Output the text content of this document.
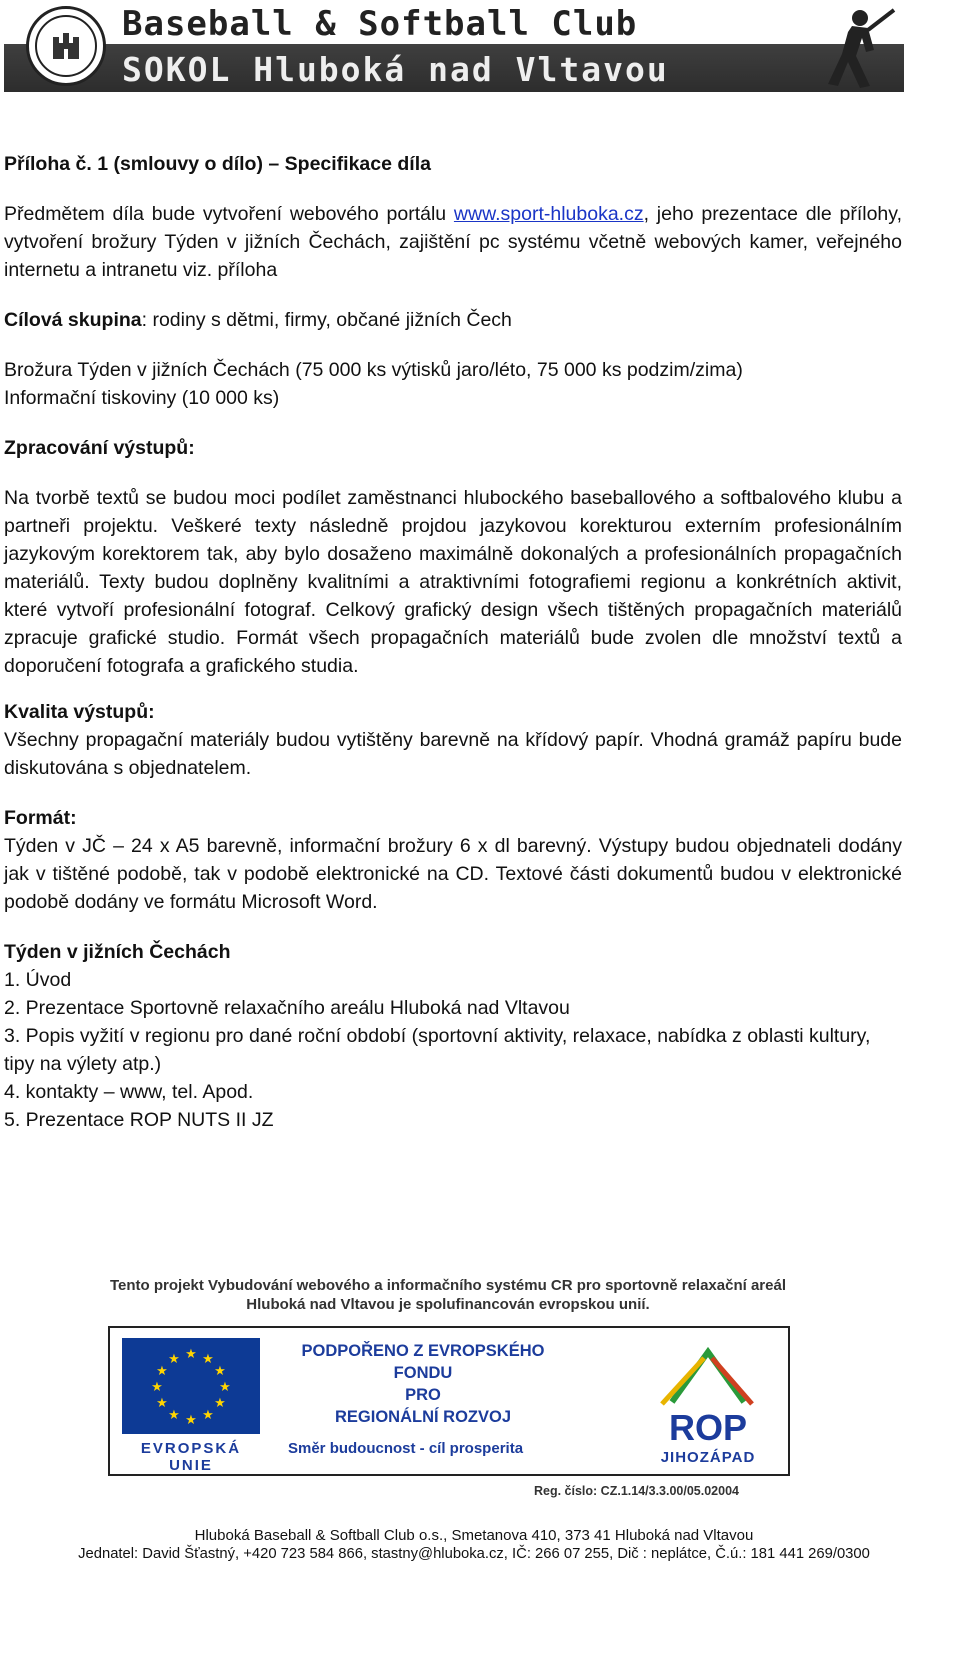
Baseball & Softball Club
SOKOL Hluboká nad Vltavou

Příloha č. 1 (smlouvy o dílo) – Specifikace díla

Předmětem díla bude vytvoření webového portálu www.sport-hluboka.cz, jeho prezentace dle přílohy, vytvoření brožury Týden v jižních Čechách, zajištění pc systému včetně webových kamer, veřejného internetu a intranetu viz. příloha

Cílová skupina: rodiny s dětmi, firmy, občané jižních Čech

Brožura Týden v jižních Čechách (75 000 ks výtisků jaro/léto, 75 000 ks podzim/zima)

Informační tiskoviny (10 000 ks)

Zpracování výstupů:

Na tvorbě textů se budou moci podílet zaměstnanci hlubockého baseballového a softbalového klubu a partneři projektu. Veškeré texty následně projdou jazykovou korekturou externím profesionálním jazykovým korektorem tak, aby bylo dosaženo maximálně dokonalých a profesionálních propagačních materiálů. Texty budou doplněny kvalitními a atraktivními fotografiemi regionu a konkrétních aktivit, které vytvoří profesionální fotograf. Celkový grafický design všech tištěných propagačních materiálů zpracuje grafické studio. Formát všech propagačních materiálů bude zvolen dle množství textů a doporučení fotografa a grafického studia.

Kvalita výstupů:

Všechny propagační materiály budou vytištěny barevně na křídový papír. Vhodná gramáž papíru bude diskutována s objednatelem.

Formát:

Týden v JČ – 24 x A5 barevně, informační brožury 6 x dl barevný. Výstupy budou objednateli dodány jak v tištěné podobě, tak v podobě elektronické na CD. Textové části dokumentů budou v elektronické podobě dodány ve formátu Microsoft Word.

Týden v jižních Čechách

1. Úvod

2. Prezentace Sportovně relaxačního areálu Hluboká nad Vltavou

3. Popis vyžití v regionu pro dané roční období (sportovní aktivity, relaxace, nabídka z oblasti kultury, tipy na výlety atp.)

4. kontakty – www, tel. Apod.

5. Prezentace ROP NUTS II JZ

Tento projekt Vybudování webového a informačního systému CR pro sportovně relaxační areál Hluboká nad Vltavou je spolufinancován evropskou unií.
★ ★
★
★
★
★
★
★
★
★
★
★
EVROPSKÁ UNIE
PODPOŘENO Z EVROPSKÉHO FONDU
PRO
REGIONÁLNÍ ROZVOJ
Směr budoucnost - cíl prosperita
ROP
JIHOZÁPAD
Reg. číslo: CZ.1.14/3.3.00/05.02004
Hluboká Baseball & Softball Club o.s., Smetanova 410, 373 41 Hluboká nad Vltavou
Jednatel: David Šťastný, +420 723 584 866, stastny@hluboka.cz, IČ: 266 07 255, Dič : neplátce, Č.ú.: 181 441 269/0300
